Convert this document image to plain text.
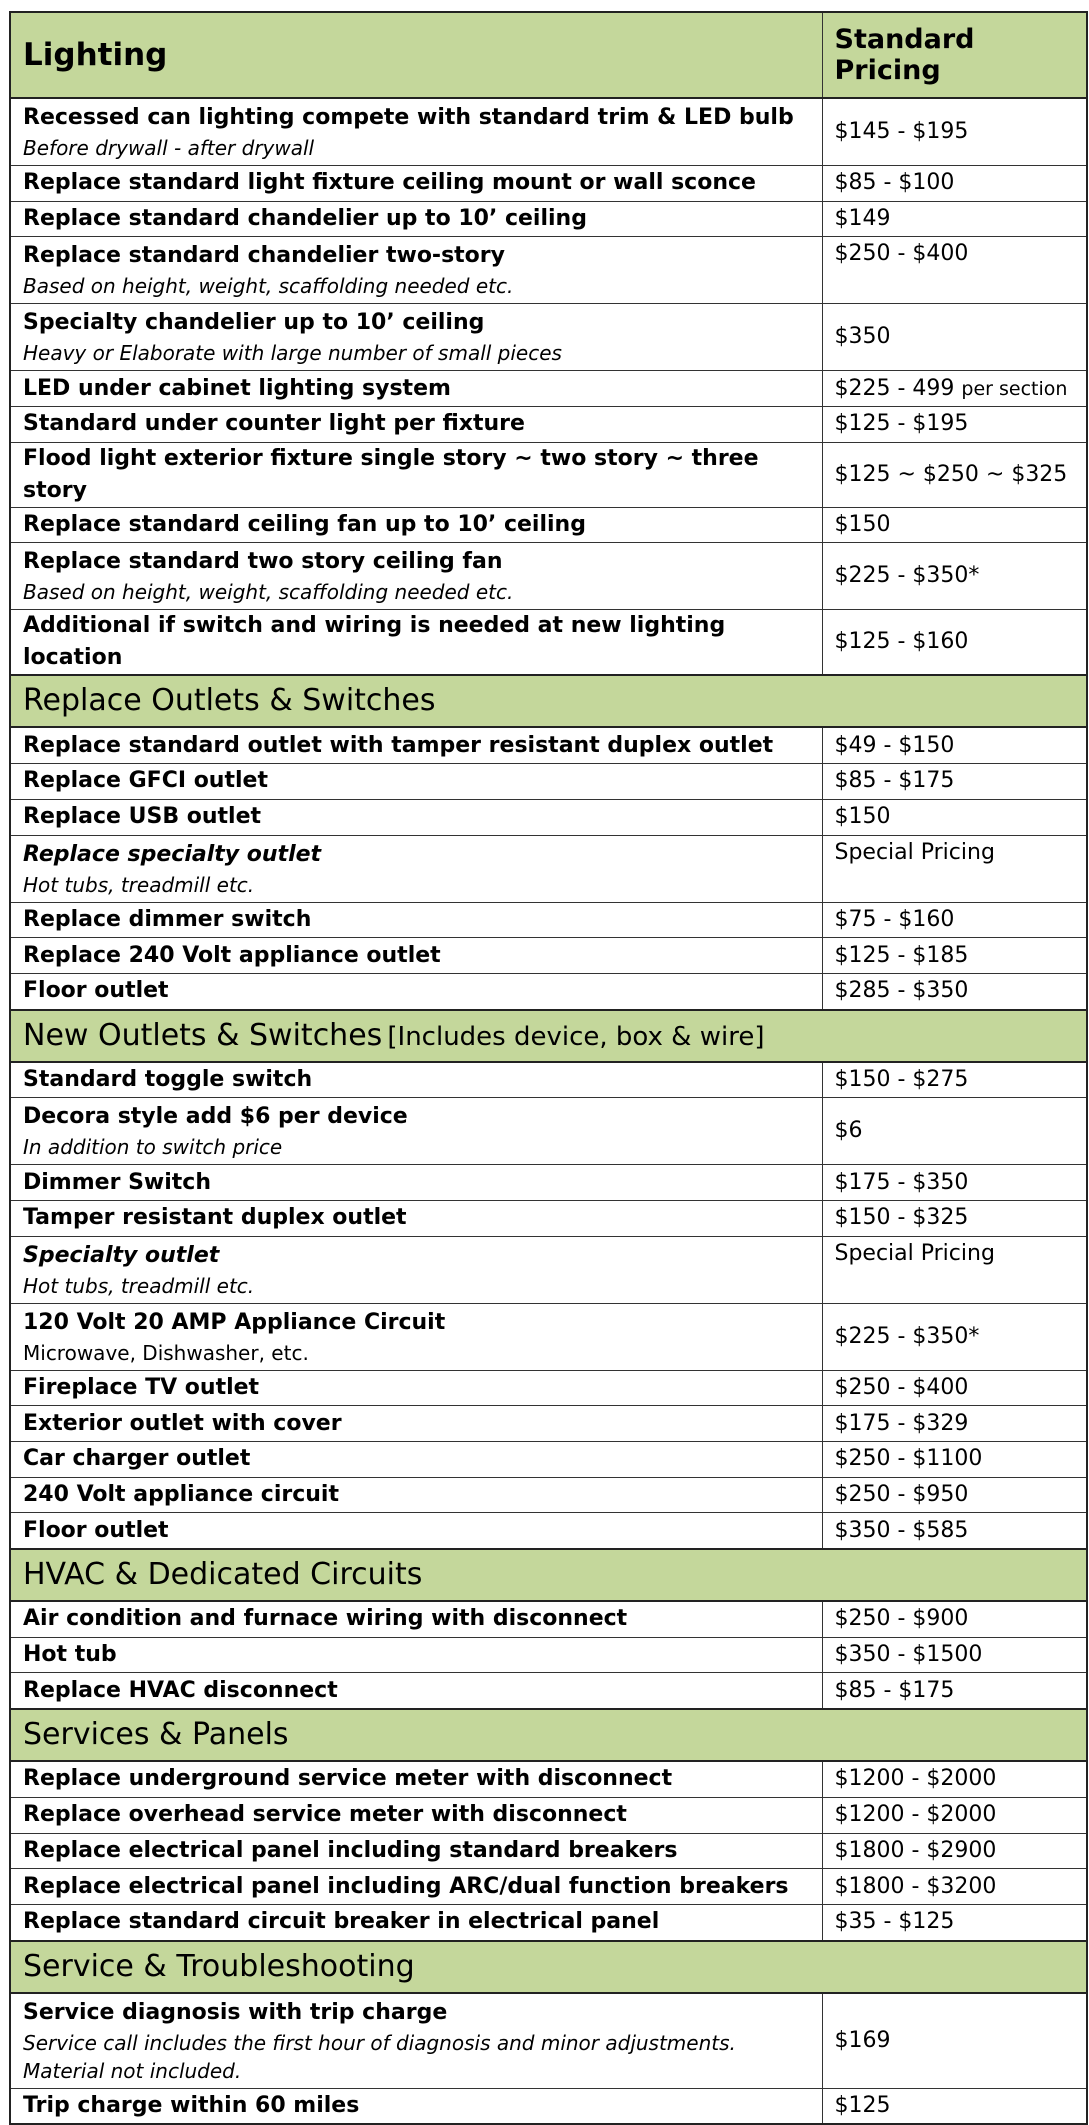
Lighting	Standard Pricing

Recessed can lighting compete with standard trim & LED bulb
Before drywall - after drywall	$145 - $195

Replace standard light fixture ceiling mount or wall sconce	$85 - $100

Replace standard chandelier up to 10’ ceiling	$149

Replace standard chandelier two-story
Based on height, weight, scaffolding needed etc.	$250 - $400

Specialty chandelier up to 10’ ceiling
Heavy or Elaborate with large number of small pieces	$350

LED under cabinet lighting system	$225 - 499 per section

Standard under counter light per fixture	$125 - $195

Flood light exterior fixture single story ~ two story ~ three story	$125 ~ $250 ~ $325

Replace standard ceiling fan up to 10’ ceiling	$150

Replace standard two story ceiling fan
Based on height, weight, scaffolding needed etc.	$225 - $350*

Additional if switch and wiring is needed at new lighting location	$125 - $160
Replace Outlets & Switches	

Replace standard outlet with tamper resistant duplex outlet	$49 - $150

Replace GFCI outlet	$85 - $175

Replace USB outlet	$150

Replace specialty outlet
Hot tubs, treadmill etc.	Special Pricing

Replace dimmer switch	$75 - $160

Replace 240 Volt appliance outlet	$125 - $185

Floor outlet	$285 - $350
New Outlets & Switches [Includes device, box & wire]	

Standard toggle switch	$150 - $275

Decora style add $6 per device
In addition to switch price	$6

Dimmer Switch	$175 - $350

Tamper resistant duplex outlet	$150 - $325

Specialty outlet
Hot tubs, treadmill etc.	Special Pricing

120 Volt 20 AMP Appliance Circuit
Microwave, Dishwasher, etc.	$225 - $350*

Fireplace TV outlet	$250 - $400

Exterior outlet with cover	$175 - $329

Car charger outlet	$250 - $1100

240 Volt appliance circuit	$250 - $950

Floor outlet	$350 - $585
HVAC & Dedicated Circuits	

Air condition and furnace wiring with disconnect	$250 - $900

Hot tub	$350 - $1500

Replace HVAC disconnect	$85 - $175
Services & Panels	

Replace underground service meter with disconnect	$1200 - $2000

Replace overhead service meter with disconnect	$1200 - $2000

Replace electrical panel including standard breakers	$1800 - $2900

Replace electrical panel including ARC/dual function breakers	$1800 - $3200

Replace standard circuit breaker in electrical panel	$35 - $125
Service & Troubleshooting	

Service diagnosis with trip charge
Service call includes the first hour of diagnosis and minor adjustments. Material not included.	$169

Trip charge within 60 miles	$125
